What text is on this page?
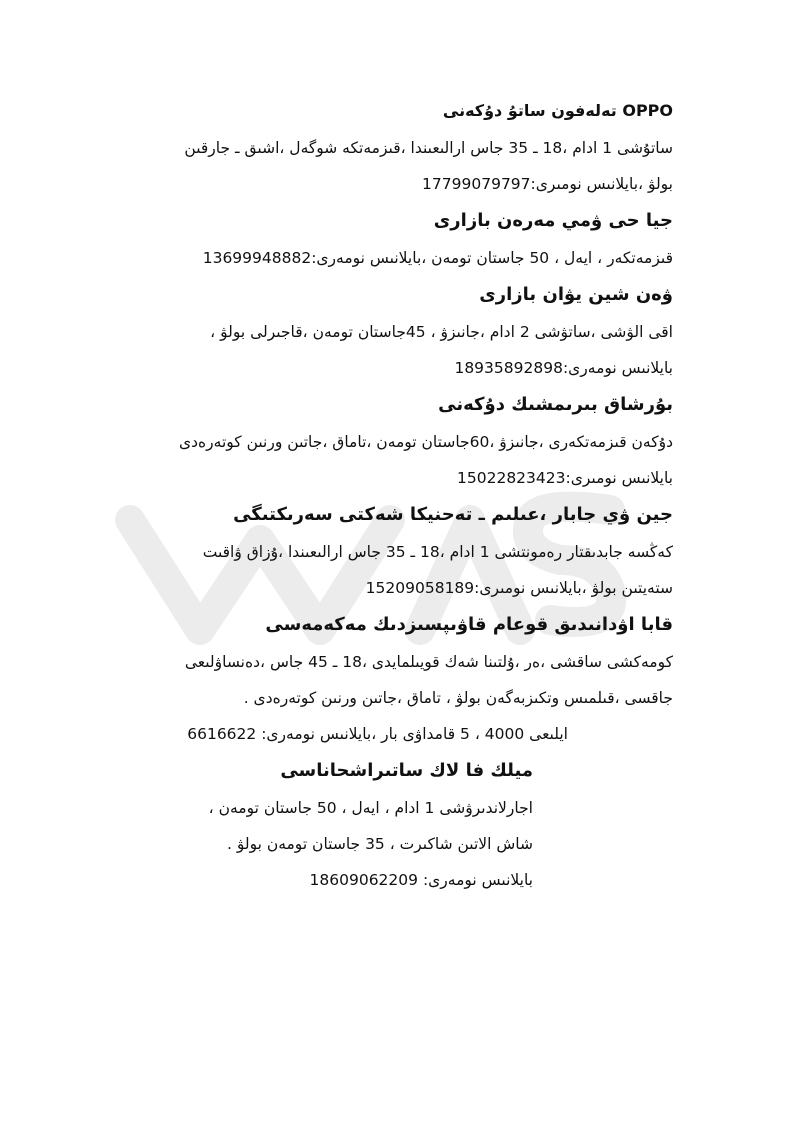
OPPO تەلەفون ساتۇ دۇكەنى
ساتۇشى 1 ادام ،18 ـ 35 جاس ارالىعىندا ،قىزمەتكە شوگەل ،اشىق ـ جارقىن
بولۋ ،بايلانىس نومىرى:17799079797
جيا حى ۋمي مەرەن بازارى
قىزمەتكەر ، ايەل ، 50 جاستان تومەن ،بايلانىس نومەرى:13699948882
ۋەن شين يۋان بازارى
اقى الۋشى ،ساتۋشى 2 ادام ،جانىزۋ ، 45جاستان تومەن ،قاجىرلى بولۋ ،
بايلانىس نومەرى:18935892898
بۇرشاق بىرىمشىك دۇكەنى
دۇكەن قىزمەتكەرى ،جانىزۋ ،60جاستان تومەن ،تاماق ،جاتىن ورنىن كوتەرەدى
بايلانىس نومىرى:15022823423
جين ۋي جابار ،عىلىم ـ تەحنيكا شەكتى سەرىكتىگى
كەڭسە جابدىقتار رەمونتشى 1 ادام ،18 ـ 35 جاس ارالىعىندا ،ۇزاق ۋاقىت
ستەيتىن بولۋ ،بايلانىس نومىرى:15209058189
قابا اۋدانىدىق قوعام قاۋىپسىزدىك مەكەمەسى
كومەكشى ساقشى ،ەر ،ۇلتىنا شەك قويىلمايدى ،18 ـ 45 جاس ،دەنساۋلىعى
جاقسى ،قىلمىس وتكىزبەگەن بولۋ ، تاماق ،جاتىن ورنىن كوتەرەدى .
ايلىعى 4000 ، 5 قامداۋى بار ،بايلانىس نومەرى: 6616622
ميلك فا لاك ساتىراشحاناسى
اجارلاندىرۋشى 1 ادام ، ايەل ، 50 جاستان تومەن ،
شاش الاتىن شاكىرت ، 35 جاستان تومەن بولۋ .
بايلانىس نومەرى: 18609062209
